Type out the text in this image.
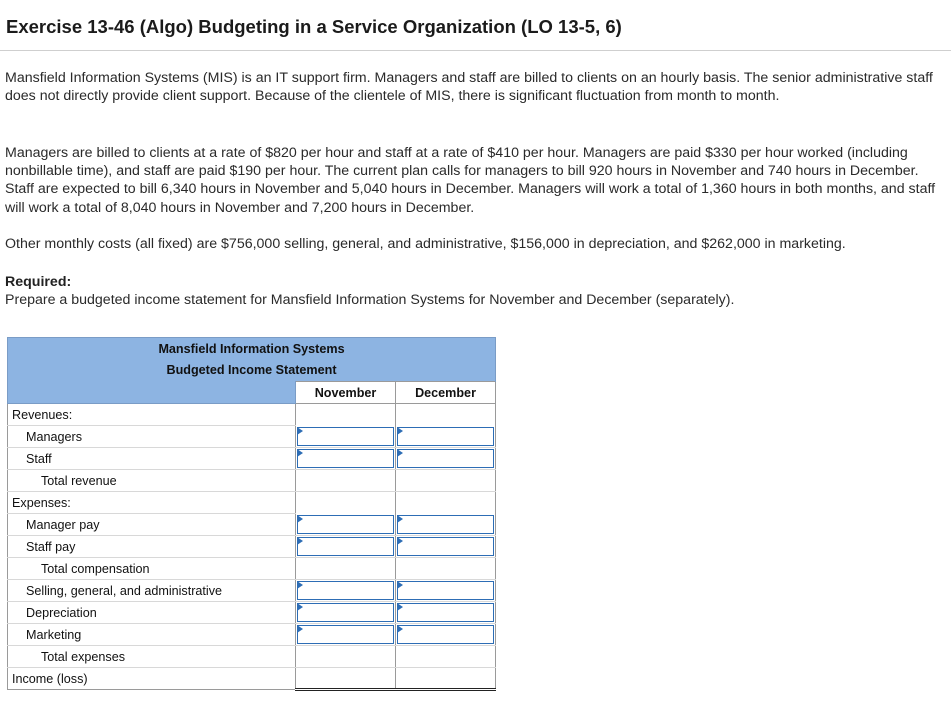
Exercise 13-46 (Algo) Budgeting in a Service Organization (LO 13-5, 6)

Mansfield Information Systems (MIS) is an IT support firm. Managers and staff are billed to clients on an hourly basis. The senior administrative staff does not directly provide client support. Because of the clientele of MIS, there is significant fluctuation from month to month.

Managers are billed to clients at a rate of $820 per hour and staff at a rate of $410 per hour. Managers are paid $330 per hour worked (including nonbillable time), and staff are paid $190 per hour. The current plan calls for managers to bill 920 hours in November and 740 hours in December. Staff are expected to bill 6,340 hours in November and 5,040 hours in December. Managers will work a total of 1,360 hours in both months, and staff will work a total of 8,040 hours in November and 7,200 hours in December.

Other monthly costs (all fixed) are $756,000 selling, general, and administrative, $156,000 in depreciation, and $262,000 in marketing.

Required:
Prepare a budgeted income statement for Mansfield Information Systems for November and December (separately).
Mansfield Information Systems		
Budgeted Income Statement		
	November	December
Revenues:		
Managers	

Staff	

Total revenue		
Expenses:		
Manager pay	

Staff pay	

Total compensation		
Selling, general, and administrative	

Depreciation	

Marketing	

Total expenses		
Income (loss)		
